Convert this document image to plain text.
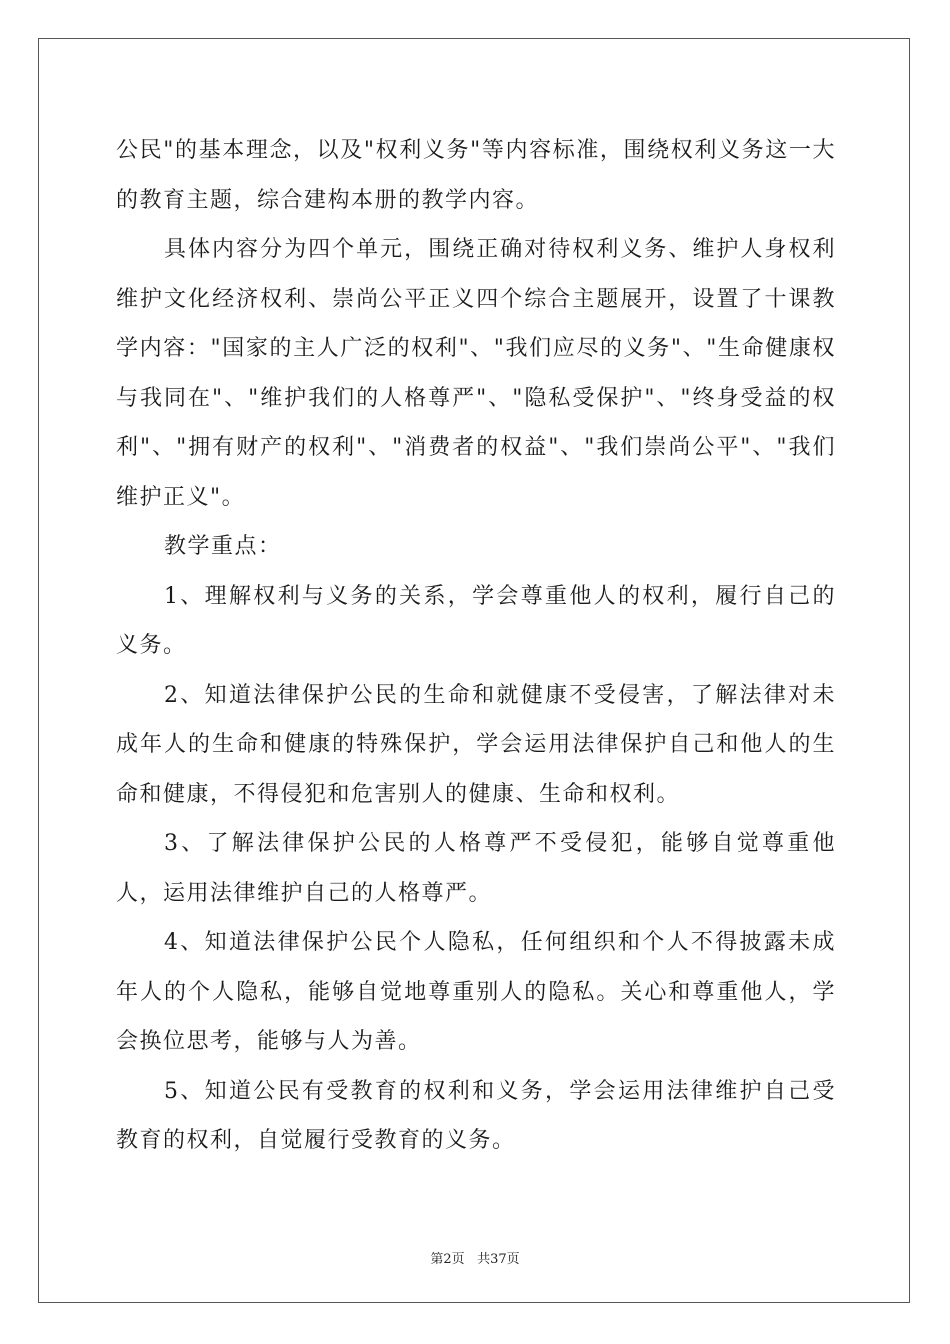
公民"的基本理念，以及"权利义务"等内容标准，围绕权利义务这一大的教育主题，综合建构本册的教学内容。

具体内容分为四个单元，围绕正确对待权利义务、维护人身权利维护文化经济权利、崇尚公平正义四个综合主题展开，设置了十课教学内容："国家的主人广泛的权利"、"我们应尽的义务"、"生命健康权与我同在"、"维护我们的人格尊严"、"隐私受保护"、"终身受益的权利"、"拥有财产的权利"、"消费者的权益"、"我们崇尚公平"、"我们维护正义"。

教学重点：

1、理解权利与义务的关系，学会尊重他人的权利，履行自己的义务。

2、知道法律保护公民的生命和就健康不受侵害，了解法律对未成年人的生命和健康的特殊保护，学会运用法律保护自己和他人的生命和健康，不得侵犯和危害别人的健康、生命和权利。

3、了解法律保护公民的人格尊严不受侵犯，能够自觉尊重他人，运用法律维护自己的人格尊严。

4、知道法律保护公民个人隐私，任何组织和个人不得披露未成年人的个人隐私，能够自觉地尊重别人的隐私。关心和尊重他人，学会换位思考，能够与人为善。

5、知道公民有受教育的权利和义务，学会运用法律维护自己受教育的权利，自觉履行受教育的义务。

第2页 共37页
